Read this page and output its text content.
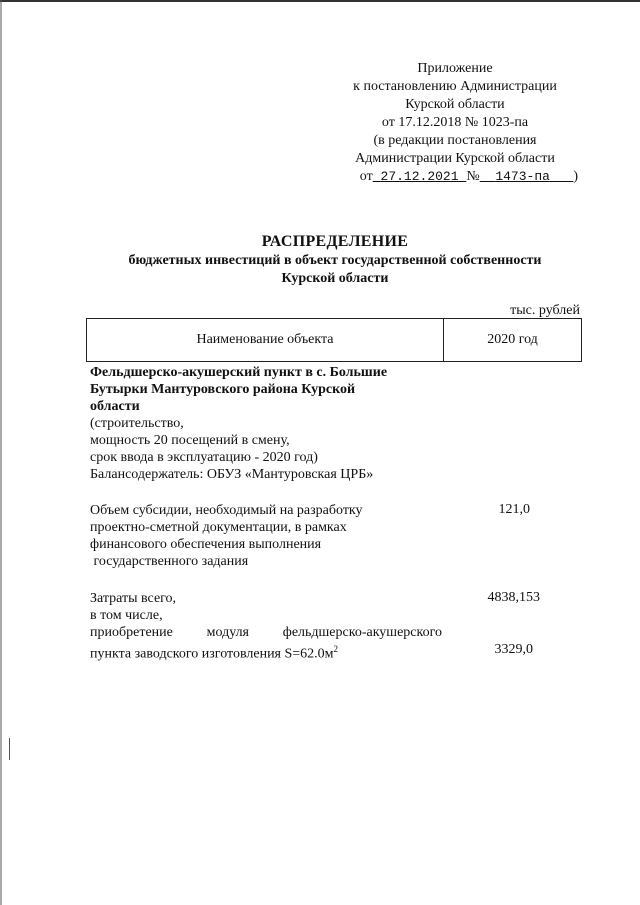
Приложение
к постановлению Администрации
Курской области
от 17.12.2018 № 1023-па
(в редакции постановления
Администрации Курской области
от 27.12.2021 № 1473-па )
РАСПРЕДЕЛЕНИЕ
бюджетных инвестиций в объект государственной собственности
Курской области
тыс. рублей
Наименование объекта	2020 год
Фельдшерско-акушерский пункт в с. Большие
Бутырки Мантуровского района Курской
области
(строительство,
мощность 20 посещений в смену,
срок ввода в эксплуатацию - 2020 год)
Балансодержатель: ОБУЗ «Мантуровская ЦРБ»
Объем субсидии, необходимый на разработку
проектно-сметной документации, в рамках
финансового обеспечения выполнения
государственного задания
121,0
Затраты всего,
в том числе,
приобретение модуля фельдшерско-акушерского
пункта заводского изготовления $S=62.0м^2$
4838,153
3329,0
